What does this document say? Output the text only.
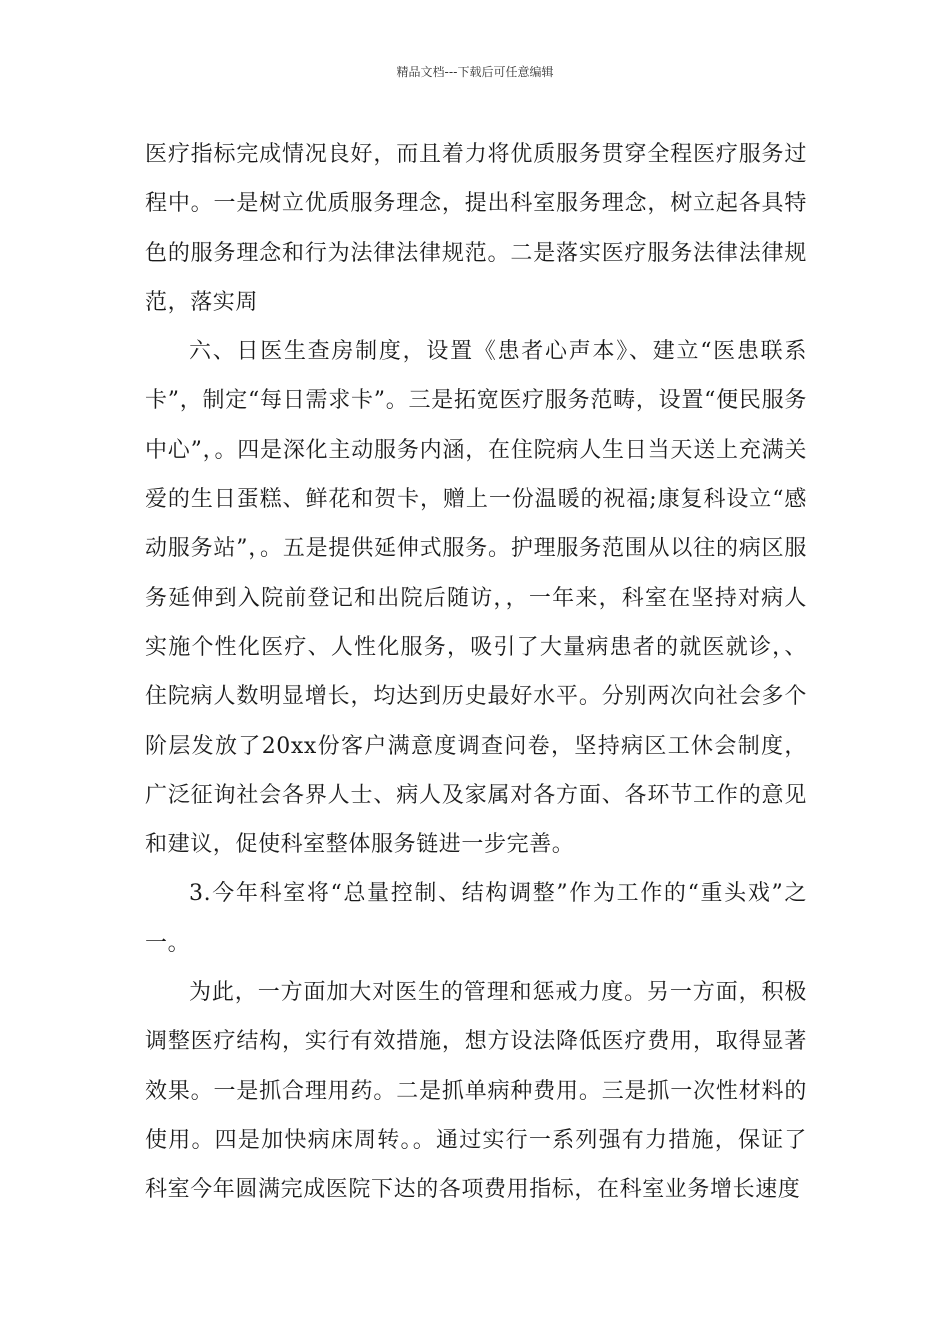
精品文档---下载后可任意编辑

医疗指标完成情况良好，而且着力将优质服务贯穿全程医疗服务过程中。一是树立优质服务理念，提出科室服务理念，树立起各具特色的服务理念和行为法律法律规范。二是落实医疗服务法律法律规范，落实周

六、日医生查房制度，设置《患者心声本》、建立“医患联系卡”，制定“每日需求卡”。三是拓宽医疗服务范畴，设置“便民服务中心”，。四是深化主动服务内涵，在住院病人生日当天送上充满关爱的生日蛋糕、鲜花和贺卡，赠上一份温暖的祝福;康复科设立“感动服务站”，。五是提供延伸式服务。护理服务范围从以往的病区服务延伸到入院前登记和出院后随访，，一年来，科室在坚持对病人实施个性化医疗、人性化服务，吸引了大量病患者的就医就诊，、住院病人数明显增长，均达到历史最好水平。分别两次向社会多个阶层发放了20xx份客户满意度调查问卷，坚持病区工休会制度，广泛征询社会各界人士、病人及家属对各方面、各环节工作的意见和建议，促使科室整体服务链进一步完善。

3.今年科室将“总量控制、结构调整”作为工作的“重头戏”之一。

为此，一方面加大对医生的管理和惩戒力度。另一方面，积极调整医疗结构，实行有效措施，想方设法降低医疗费用，取得显著效果。一是抓合理用药。二是抓单病种费用。三是抓一次性材料的使用。四是加快病床周转。。通过实行一系列强有力措施，保证了科室今年圆满完成医院下达的各项费用指标，在科室业务增长速度
